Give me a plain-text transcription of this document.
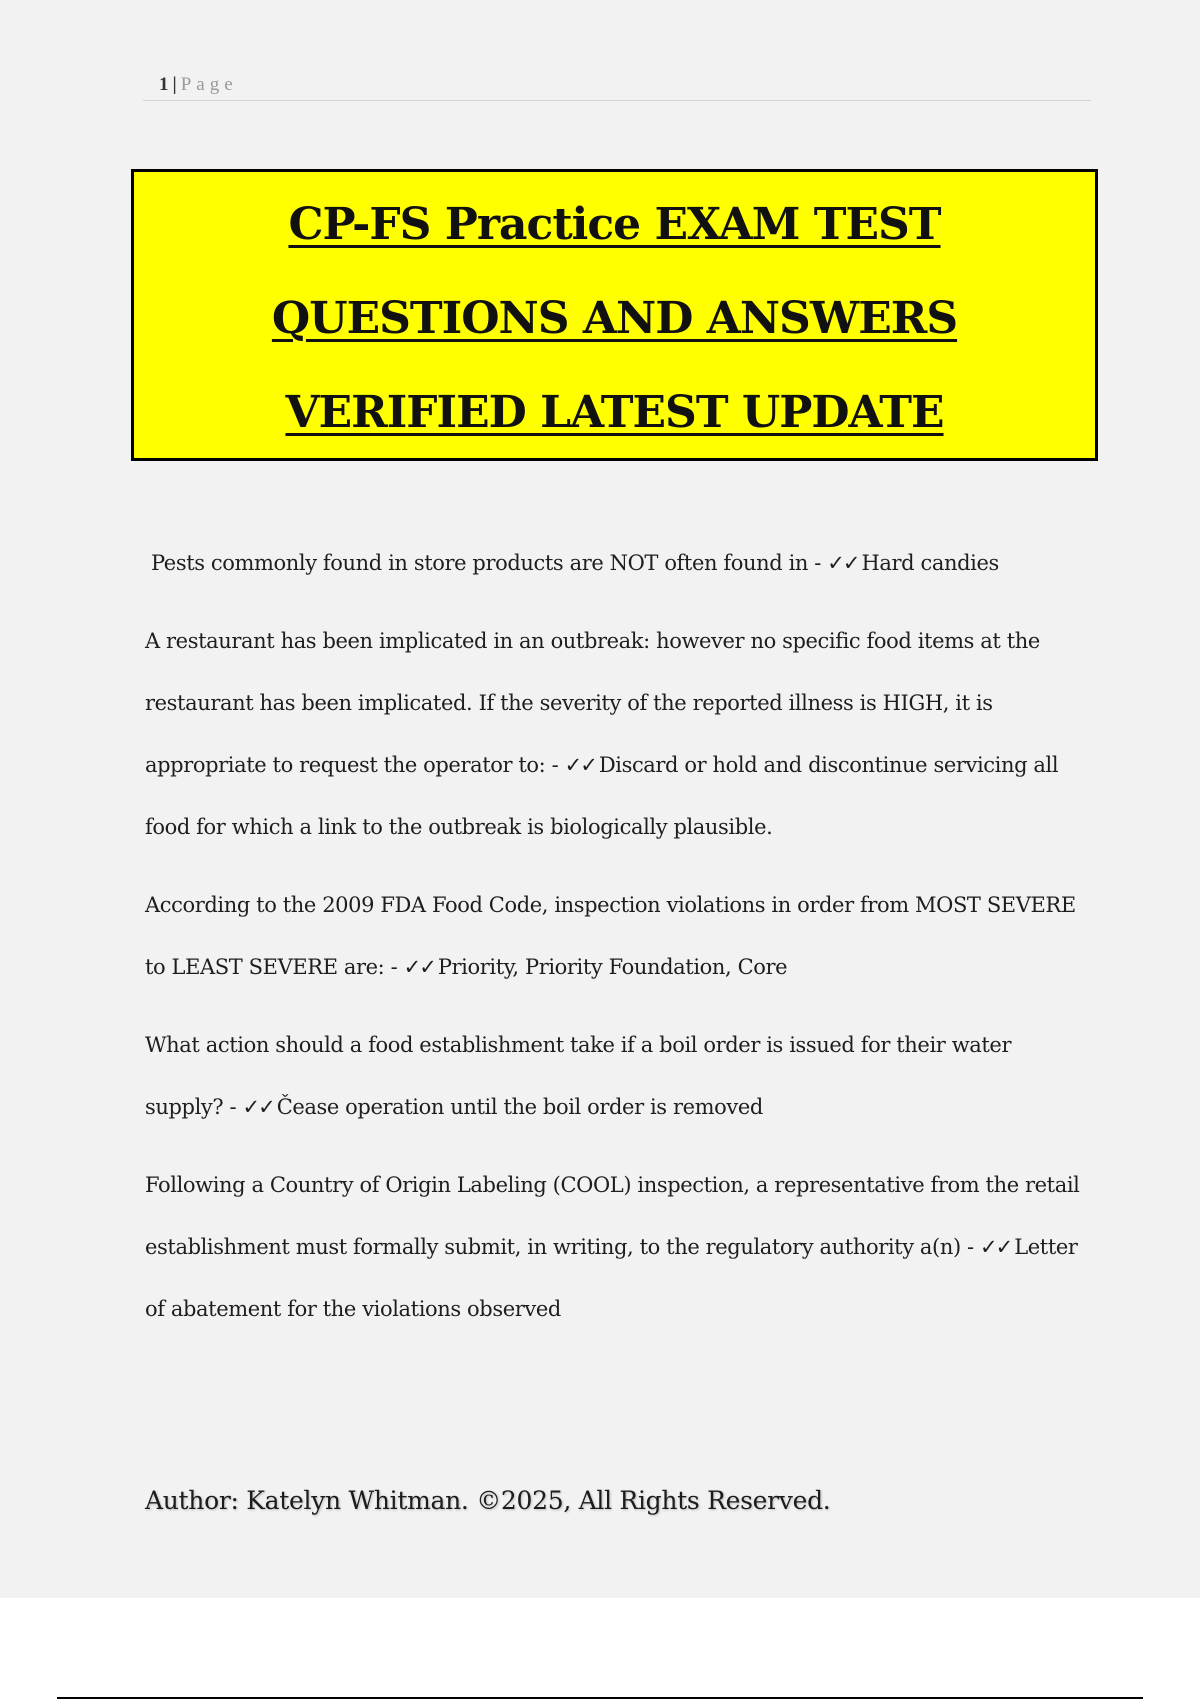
1 | Page
CP-FS Practice EXAM TEST
QUESTIONS AND ANSWERS
VERIFIED LATEST UPDATE

Pests commonly found in store products are NOT often found in - ✓✓ Hard candies

A restaurant has been implicated in an outbreak: however no specific food items at the restaurant has been implicated. If the severity of the reported illness is HIGH, it is appropriate to request the operator to: - ✓✓ Discard or hold and discontinue servicing all food for which a link to the outbreak is biologically plausible.

According to the 2009 FDA Food Code, inspection violations in order from MOST SEVERE to LEAST SEVERE are: - ✓✓ Priority, Priority Foundation, Core

What action should a food establishment take if a boil order is issued for their water supply? - ✓✓ Čease operation until the boil order is removed

Following a Country of Origin Labeling (COOL) inspection, a representative from the retail establishment must formally submit, in writing, to the regulatory authority a(n) - ✓✓ Letter of abatement for the violations observed

Author: Katelyn Whitman. ©2025, All Rights Reserved.
